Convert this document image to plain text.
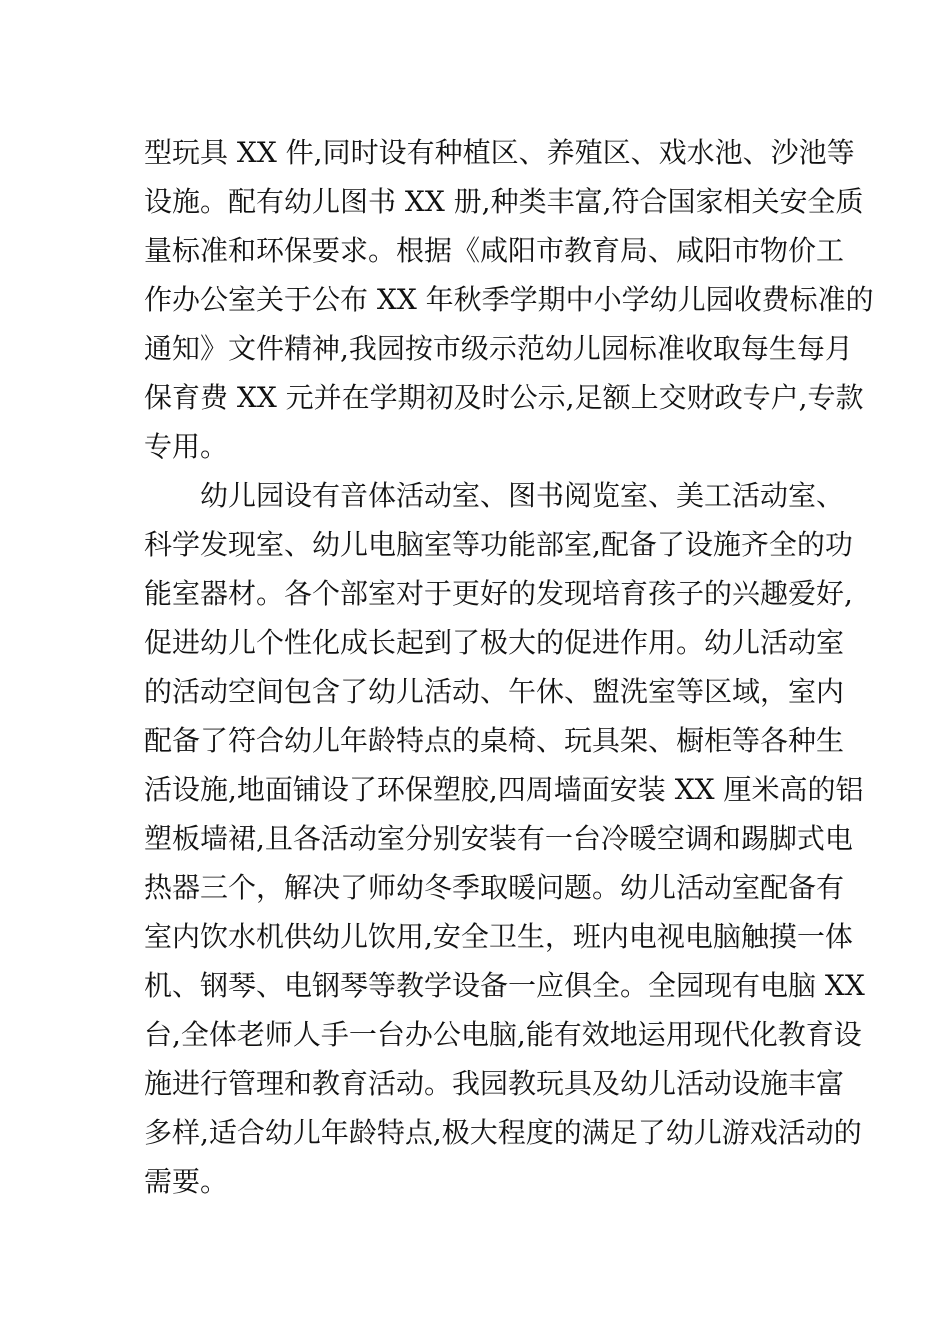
型玩具 XX 件,同时设有种植区、养殖区、戏水池、沙池等
设施。配有幼儿图书 XX 册,种类丰富,符合国家相关安全质
量标准和环保要求。根据《咸阳市教育局、咸阳市物价工
作办公室关于公布 XX 年秋季学期中小学幼儿园收费标准的
通知》文件精神,我园按市级示范幼儿园标准收取每生每月
保育费 XX 元并在学期初及时公示,足额上交财政专户,专款
专用。
　　幼儿园设有音体活动室、图书阅览室、美工活动室、
科学发现室、幼儿电脑室等功能部室,配备了设施齐全的功
能室器材。各个部室对于更好的发现培育孩子的兴趣爱好,
促进幼儿个性化成长起到了极大的促进作用。幼儿活动室
的活动空间包含了幼儿活动、午休、盥洗室等区域，室内
配备了符合幼儿年龄特点的桌椅、玩具架、橱柜等各种生
活设施,地面铺设了环保塑胶,四周墙面安装 XX 厘米高的铝
塑板墙裙,且各活动室分别安装有一台冷暖空调和踢脚式电
热器三个，解决了师幼冬季取暖问题。幼儿活动室配备有
室内饮水机供幼儿饮用,安全卫生，班内电视电脑触摸一体
机、钢琴、电钢琴等教学设备一应俱全。全园现有电脑 XX
台,全体老师人手一台办公电脑,能有效地运用现代化教育设
施进行管理和教育活动。我园教玩具及幼儿活动设施丰富
多样,适合幼儿年龄特点,极大程度的满足了幼儿游戏活动的
需要。
